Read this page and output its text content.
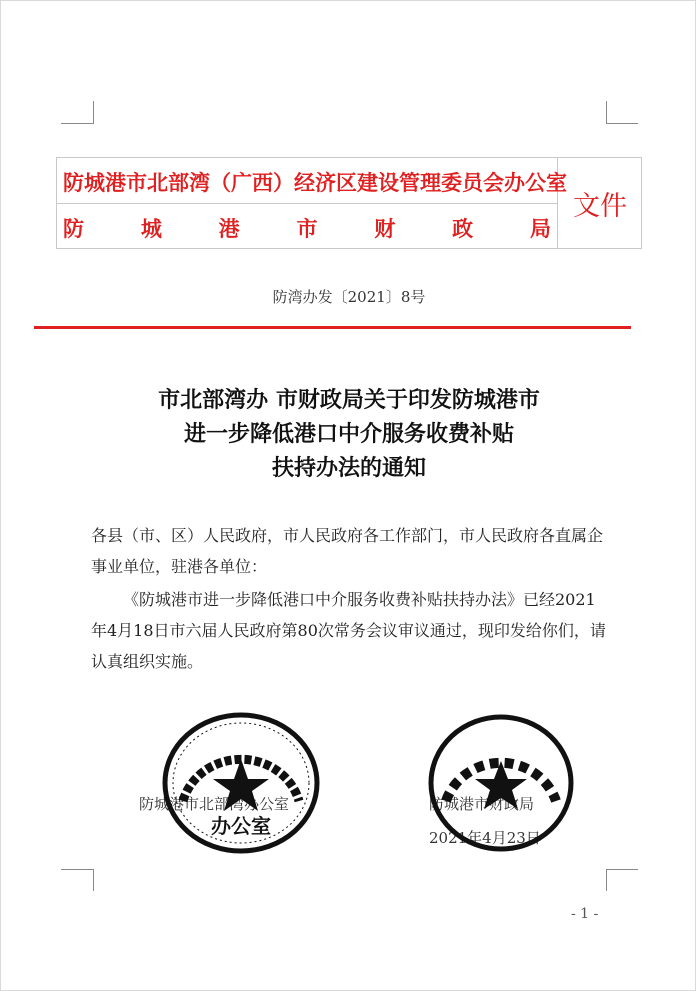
防城港市北部湾（广西）经济区建设管理委员会办公室

防	城	港	市	财	政	局

文件

防湾办发〔2021〕8号

市北部湾办 市财政局关于印发防城港市
进一步降低港口中介服务收费补贴
扶持办法的通知

各县（市、区）人民政府，市人民政府各工作部门，市人民政府各直属企事业单位，驻港各单位：

《防城港市进一步降低港口中介服务收费补贴扶持办法》已经2021年4月18日市六届人民政府第80次常务会议审议通过，现印发给你们，请认真组织实施。

防城港市北部湾办公室	防城港市财政局

2021年4月23日

办公室

- 1 -
